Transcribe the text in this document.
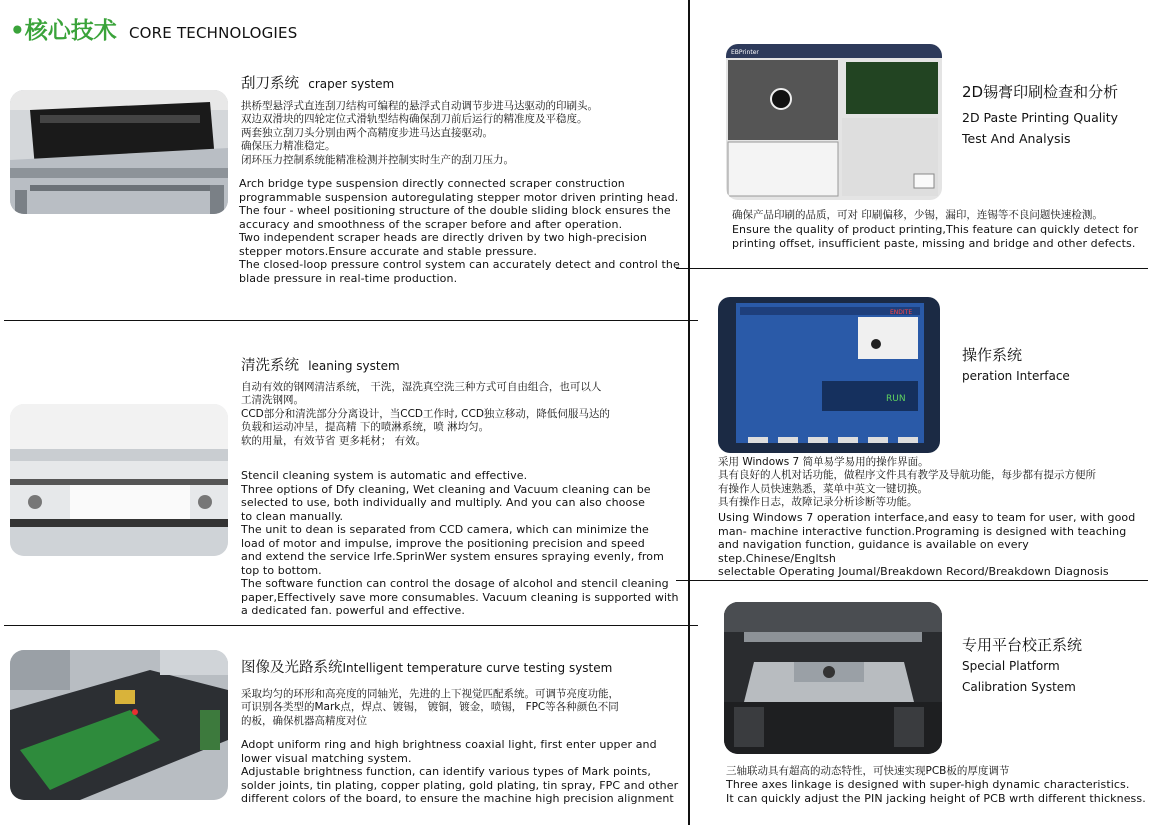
•核心技术 CORE TECHNOLOGIES
刮刀系统 craper system
拱桥型悬浮式直连刮刀结构可编程的悬浮式自动调节步进马达驱动的印刷头。
双边双滑块的四轮定位式滑轨型结构确保刮刀前后运行的精准度及平稳度。
两套独立刮刀头分别由两个高精度步进马达直接驱动。
确保压力精准稳定。
闭环压力控制系统能精准检测并控制实时生产的刮刀压力。
Arch bridge type suspension directly connected scraper construction
programmable suspension autoregulating stepper motor driven printing head.
The four - wheel positioning structure of the double sliding block ensures the
accuracy and smoothness of the scraper before and after operation.
Two independent scraper heads are directly driven by two high-precision
stepper motors.Ensure accurate and stable pressure.
The closed-loop pressure control system can accurately detect and control the
blade pressure in real-time production.
清洗系统 leaning system
自动有效的钢网清洁系统， 干洗，湿洗真空洗三种方式可自由组合，也可以人
工清洗钢网。
CCD部分和清洗部分分离设计，当CCD工作时, CCD独立移动，降低伺服马达的
负载和运动冲呈，提高精 下的喷淋系统，喷 淋均匀。
软的用量，有效节省 更多耗材； 有效。
Stencil cleaning system is automatic and effective.
Three options of Dfy cleaning, Wet cleaning and Vacuum cleaning can be
selected to use, both individually and multiply. And you can also choose
to clean manually.
The unit to dean is separated from CCD camera, which can minimize the
load of motor and impulse, improve the positioning precision and speed
and extend the service lrfe.SprinWer system ensures spraying evenly, from
top to bottom.
The software function can control the dosage of alcohol and stencil cleaning
paper,Effectively save more consumables. Vacuum cleaning is supported with
a dedicated fan. powerful and effective.
图像及光路系统Intelligent temperature curve testing system
采取均匀的环形和高亮度的同轴光，先进的上下视觉匹配系统。可调节亮度功能，
可识别各类型的Mark点，焊点、镀锡， 镀铜，镀金，喷锡， FPC等各种颜色不同
的板，确保机器高精度对位
Adopt uniform ring and high brightness coaxial light, first enter upper and
lower visual matching system.
Adjustable brightness function, can identify various types of Mark points,
solder joints, tin plating, copper plating, gold plating, tin spray, FPC and other
different colors of the board, to ensure the machine high precision alignment
EBPrinter
2D锡膏印刷检查和分析
2D Paste Printing Quality
Test And Analysis
确保产品印刷的品质，可对 印刷偏移，少锡，漏印，连锡等不良问题快速检测。
Ensure the quality of product printing,This feature can quickly detect for
printing offset, insufficient paste, missing and bridge and other defects.
ENDITE
RUN
操作系统
peration Interface
采用 Windows 7 简单易学易用的操作界面。
具有良好的人机对话功能，做程序文件具有教学及导航功能，每步都有提示方便所
有操作人员快速熟悉，菜单中英文一键切换。
具有操作日志，故障记录分析诊断等功能。
Using Windows 7 operation interface,and easy to team for user, with good
man- machine interactive function.Programing is designed with teaching
and navigation function, guidance is available on every step.Chinese/Engltsh
selectable Operating Joumal/Breakdown Record/Breakdown Diagnosis
专用平台校正系统
Special Platform
Calibration System
三轴联动具有超高的动态特性，可快速实现PCB板的厚度调节
Three axes linkage is designed with super-high dynamic characteristics.
It can quickly adjust the PIN jacking height of PCB wrth different thickness.
